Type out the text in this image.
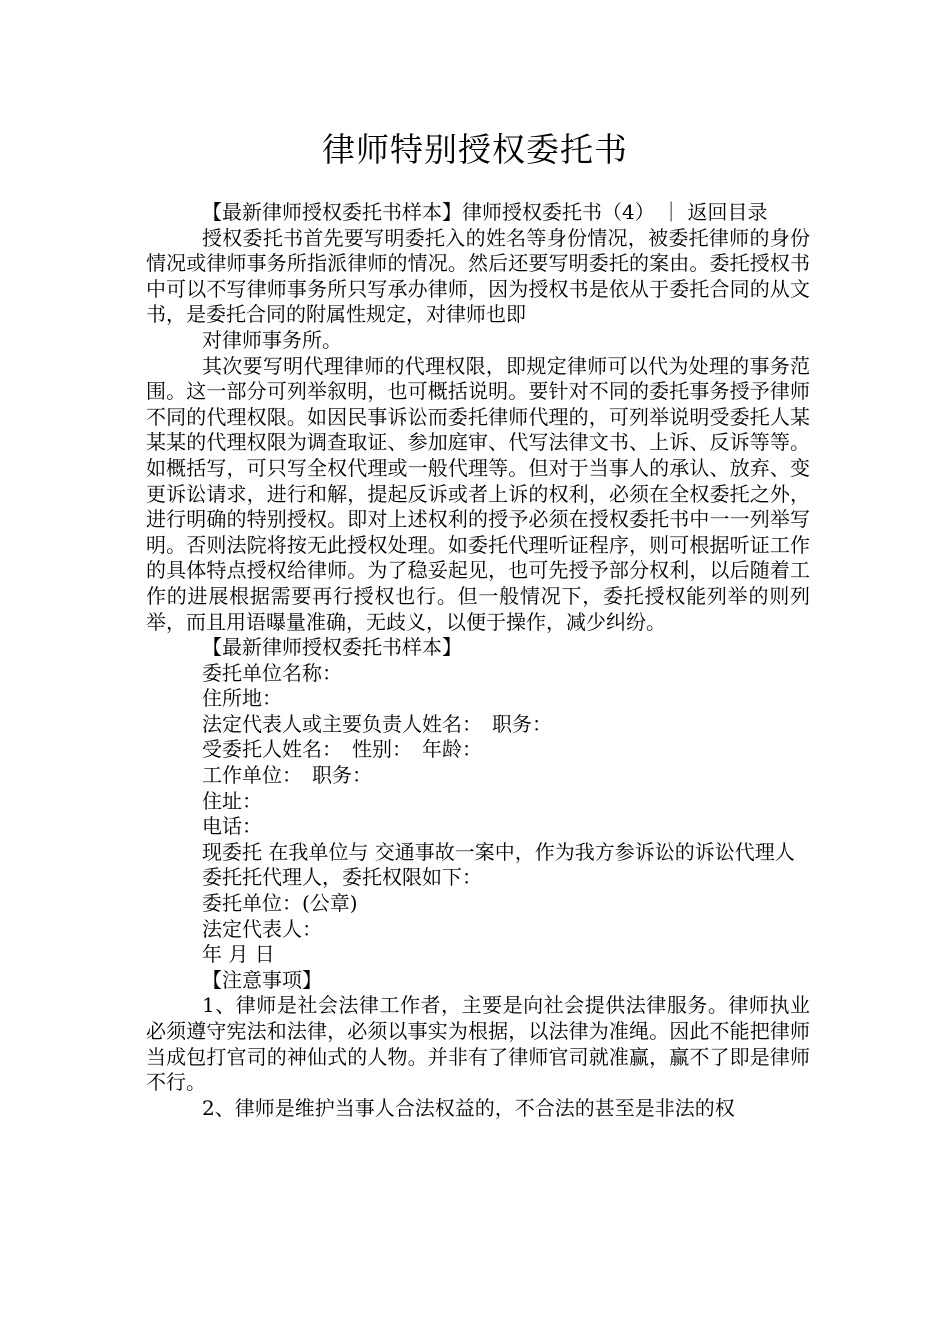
律师特别授权委托书

【最新律师授权委托书样本】律师授权委托书（4） ｜ 返回目录

授权委托书首先要写明委托入的姓名等身份情况，被委托律师的身份情况或律师事务所指派律师的情况。然后还要写明委托的案由。委托授权书中可以不写律师事务所只写承办律师，因为授权书是依从于委托合同的从文书，是委托合同的附属性规定，对律师也即

对律师事务所。

其次要写明代理律师的代理权限，即规定律师可以代为处理的事务范围。这一部分可列举叙明，也可概括说明。要针对不同的委托事务授予律师不同的代理权限。如因民事诉讼而委托律师代理的，可列举说明受委托人某某某的代理权限为调查取证、参加庭审、代写法律文书、上诉、反诉等等。如概括写，可只写全权代理或一般代理等。但对于当事人的承认、放弃、变更诉讼请求，进行和解，提起反诉或者上诉的权利，必须在全权委托之外，进行明确的特别授权。即对上述权利的授予必须在授权委托书中一一列举写明。否则法院将按无此授权处理。如委托代理听证程序，则可根据听证工作的具体特点授权给律师。为了稳妥起见，也可先授予部分权利，以后随着工作的进展根据需要再行授权也行。但一般情况下，委托授权能列举的则列举，而且用语曝量准确，无歧义，以便于操作，减少纠纷。

【最新律师授权委托书样本】

委托单位名称：

住所地：

法定代表人或主要负责人姓名：　职务：

受委托人姓名：　性别：　年龄：

工作单位：　职务：

住址：

电话：

现委托 在我单位与 交通事故一案中，作为我方参诉讼的诉讼代理人

委托托代理人，委托权限如下：

委托单位：(公章)

法定代表人：

年 月 日

【注意事项】

1、律师是社会法律工作者，主要是向社会提供法律服务。律师执业必须遵守宪法和法律，必须以事实为根据，以法律为准绳。因此不能把律师当成包打官司的神仙式的人物。并非有了律师官司就准赢，赢不了即是律师不行。

2、律师是维护当事人合法权益的，不合法的甚至是非法的权
